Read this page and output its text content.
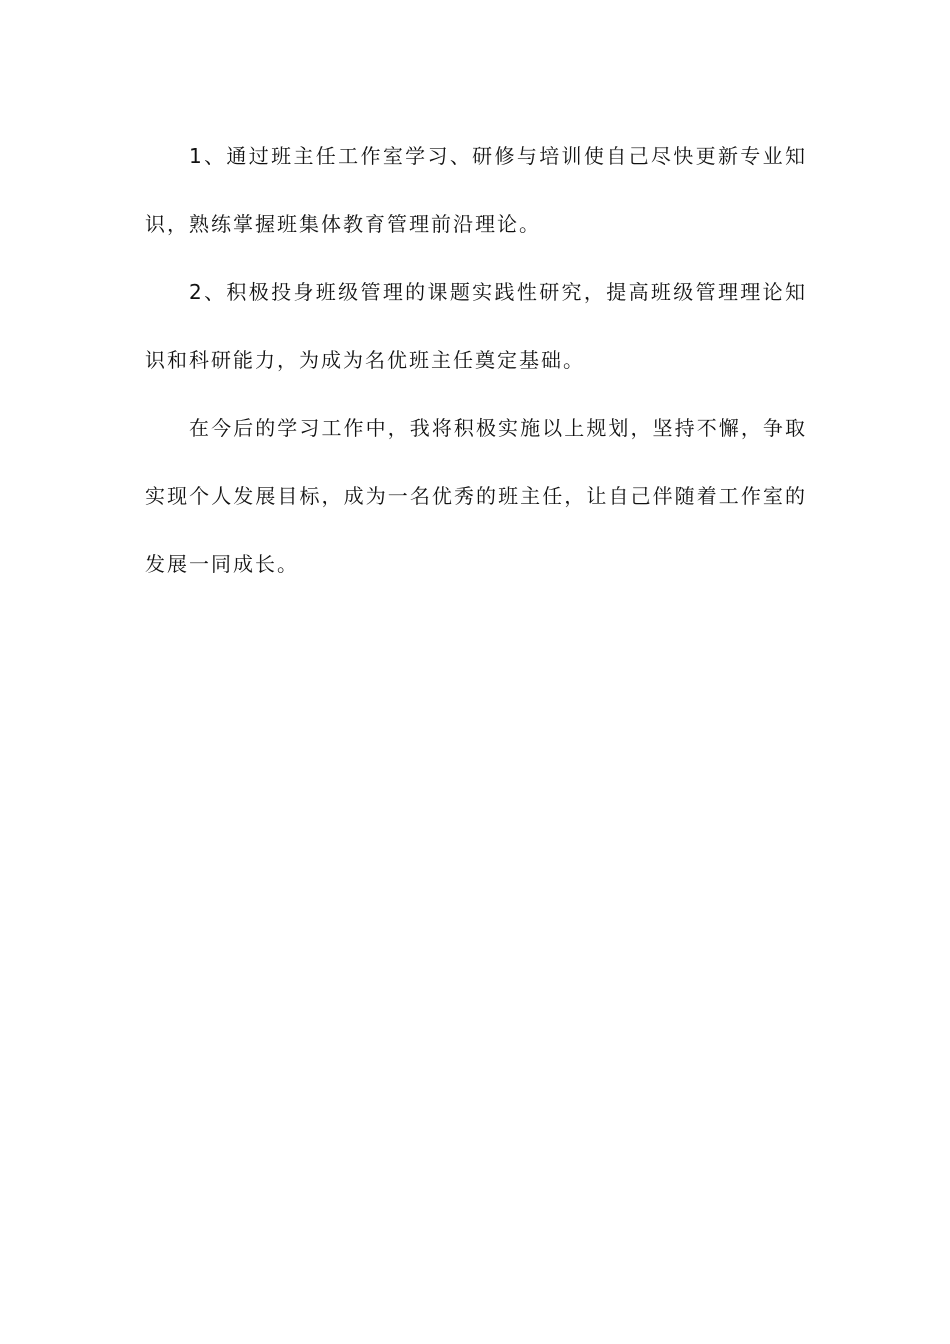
1、通过班主任工作室学习、研修与培训使自己尽快更新专业知识，熟练掌握班集体教育管理前沿理论。

2、积极投身班级管理的课题实践性研究，提高班级管理理论知识和科研能力，为成为名优班主任奠定基础。

在今后的学习工作中，我将积极实施以上规划，坚持不懈，争取实现个人发展目标，成为一名优秀的班主任，让自己伴随着工作室的发展一同成长。
